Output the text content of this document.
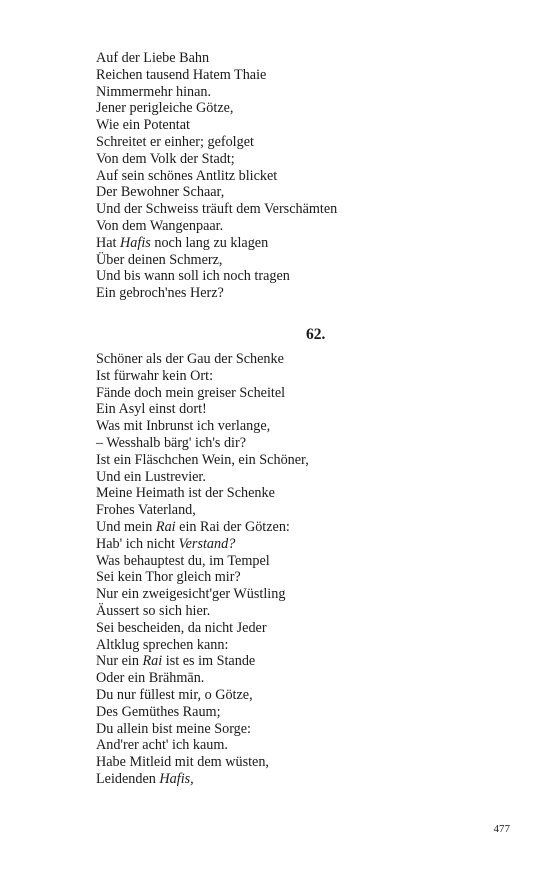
Auf der Liebe Bahn
Reichen tausend Hatem Thaie
Nimmermehr hinan.
Jener perigleiche Götze,
Wie ein Potentat
Schreitet er einher; gefolget
Von dem Volk der Stadt;
Auf sein schönes Antlitz blicket
Der Bewohner Schaar,
Und der Schweiss träuft dem Verschämten
Von dem Wangenpaar.
Hat Hafis noch lang zu klagen
Über deinen Schmerz,
Und bis wann soll ich noch tragen
Ein gebroch'nes Herz?
62.
Schöner als der Gau der Schenke
Ist fürwahr kein Ort:
Fände doch mein greiser Scheitel
Ein Asyl einst dort!
Was mit Inbrunst ich verlange,
– Wesshalb bärg' ich's dir?
Ist ein Fläschchen Wein, ein Schöner,
Und ein Lustrevier.
Meine Heimath ist der Schenke
Frohes Vaterland,
Und mein Rai ein Rai der Götzen:
Hab' ich nicht Verstand?
Was behauptest du, im Tempel
Sei kein Thor gleich mir?
Nur ein zweigesicht'ger Wüstling
Äussert so sich hier.
Sei bescheiden, da nicht Jeder
Altklug sprechen kann:
Nur ein Rai ist es im Stande
Oder ein Brähmān.
Du nur füllest mir, o Götze,
Des Gemüthes Raum;
Du allein bist meine Sorge:
And'rer acht' ich kaum.
Habe Mitleid mit dem wüsten,
Leidenden Hafis,
477
